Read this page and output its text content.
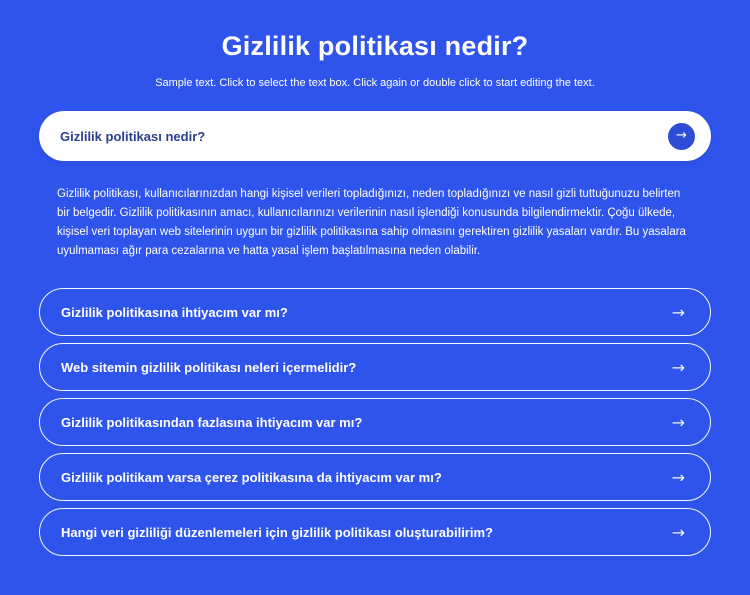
Gizlilik politikası nedir?

Sample text. Click to select the text box. Click again or double click to start editing the text.

Gizlilik politikası nedir?	→

Gizlilik politikası, kullanıcılarınızdan hangi kişisel verileri topladığınızı, neden topladığınızı ve nasıl gizli tuttuğunuzu belirten bir belgedir. Gizlilik politikasının amacı, kullanıcılarınızı verilerinin nasıl işlendiği konusunda bilgilendirmektir. Çoğu ülkede, kişisel veri toplayan web sitelerinin uygun bir gizlilik politikasına sahip olmasını gerektiren gizlilik yasaları vardır. Bu yasalara uyulmaması ağır para cezalarına ve hatta yasal işlem başlatılmasına neden olabilir.

Gizlilik politikasına ihtiyacım var mı?	→
Web sitemin gizlilik politikası neleri içermelidir?	→
Gizlilik politikasından fazlasına ihtiyacım var mı?	→
Gizlilik politikam varsa çerez politikasına da ihtiyacım var mı?	→
Hangi veri gizliliği düzenlemeleri için gizlilik politikası oluşturabilirim?	→
